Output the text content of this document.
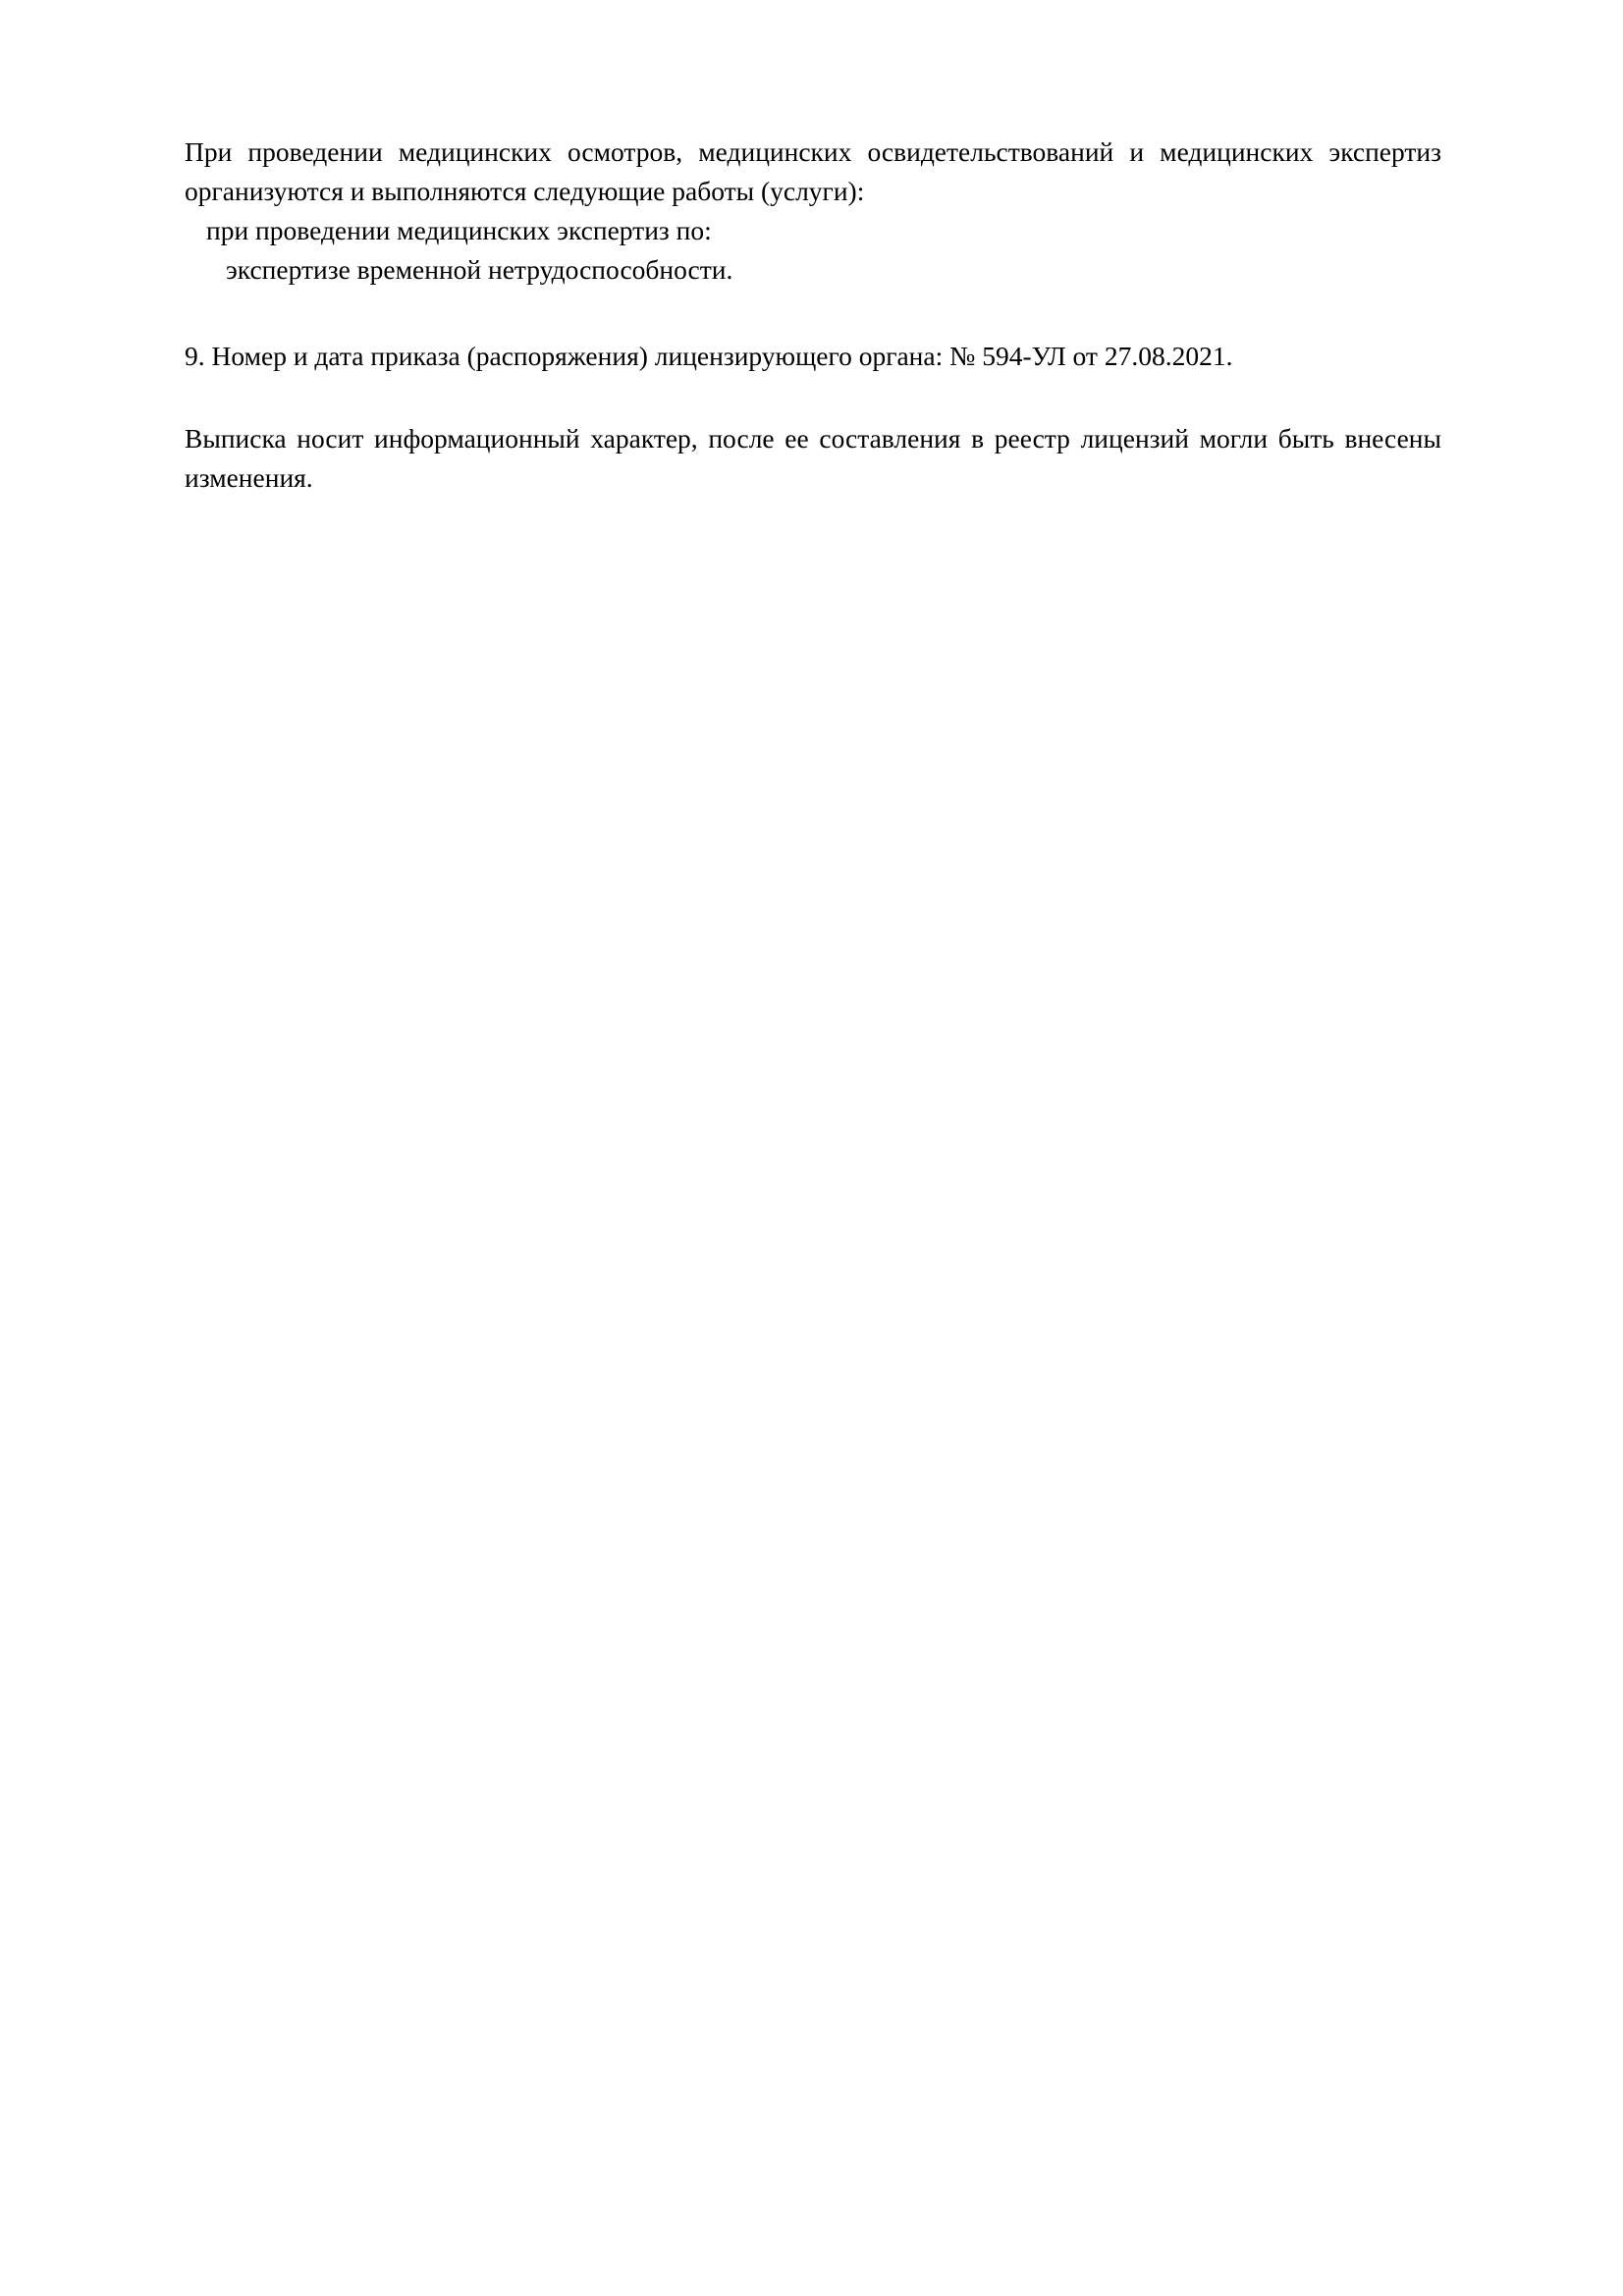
При проведении медицинских осмотров, медицинских освидетельствований и медицинских экспертиз организуются и выполняются следующие работы (услуги):

при проведении медицинских экспертиз по:

экспертизе временной нетрудоспособности.

9. Номер и дата приказа (распоряжения) лицензирующего органа: № 594-УЛ от 27.08.2021.

Выписка носит информационный характер, после ее составления в реестр лицензий могли быть внесены изменения.
